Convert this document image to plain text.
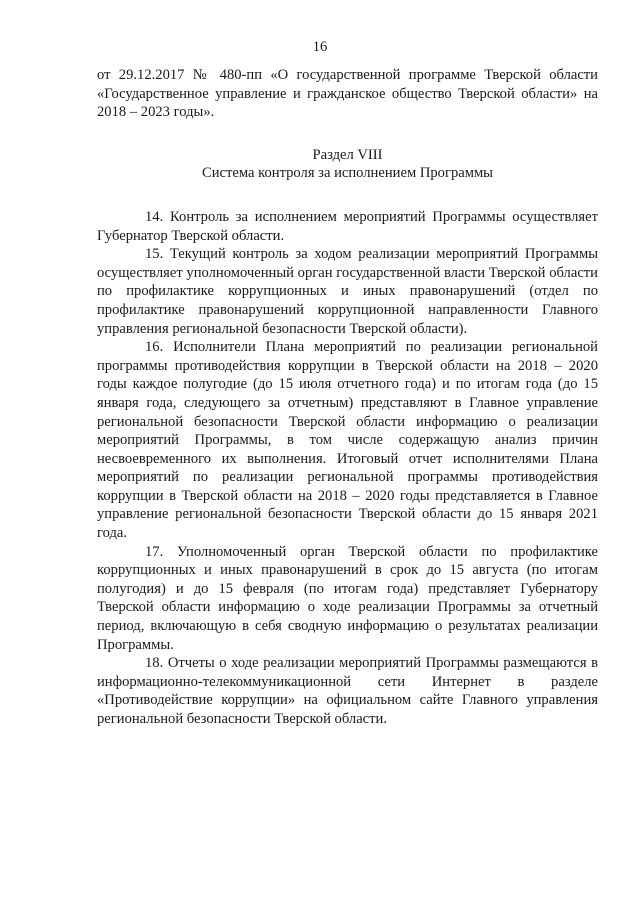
16

от 29.12.2017 № 480-пп «О государственной программе Тверской области «Государственное управление и гражданское общество Тверской области» на 2018 – 2023 годы».

Раздел VIII
Система контроля за исполнением Программы

14. Контроль за исполнением мероприятий Программы осуществляет Губернатор Тверской области.

15. Текущий контроль за ходом реализации мероприятий Программы осуществляет уполномоченный орган государственной власти Тверской области по профилактике коррупционных и иных правонарушений (отдел по профилактике правонарушений коррупционной направленности Главного управления региональной безопасности Тверской области).

16. Исполнители Плана мероприятий по реализации региональной программы противодействия коррупции в Тверской области на 2018 – 2020 годы каждое полугодие (до 15 июля отчетного года) и по итогам года (до 15 января года, следующего за отчетным) представляют в Главное управление региональной безопасности Тверской области информацию о реализации мероприятий Программы, в том числе содержащую анализ причин несвоевременного их выполнения. Итоговый отчет исполнителями Плана мероприятий по реализации региональной программы противодействия коррупции в Тверской области на 2018 – 2020 годы представляется в Главное управление региональной безопасности Тверской области до 15 января 2021 года.

17. Уполномоченный орган Тверской области по профилактике коррупционных и иных правонарушений в срок до 15 августа (по итогам полугодия) и до 15 февраля (по итогам года) представляет Губернатору Тверской области информацию о ходе реализации Программы за отчетный период, включающую в себя сводную информацию о результатах реализации Программы.

18. Отчеты о ходе реализации мероприятий Программы размещаются в информационно-телекоммуникационной сети Интернет в разделе «Противодействие коррупции» на официальном сайте Главного управления региональной безопасности Тверской области.
